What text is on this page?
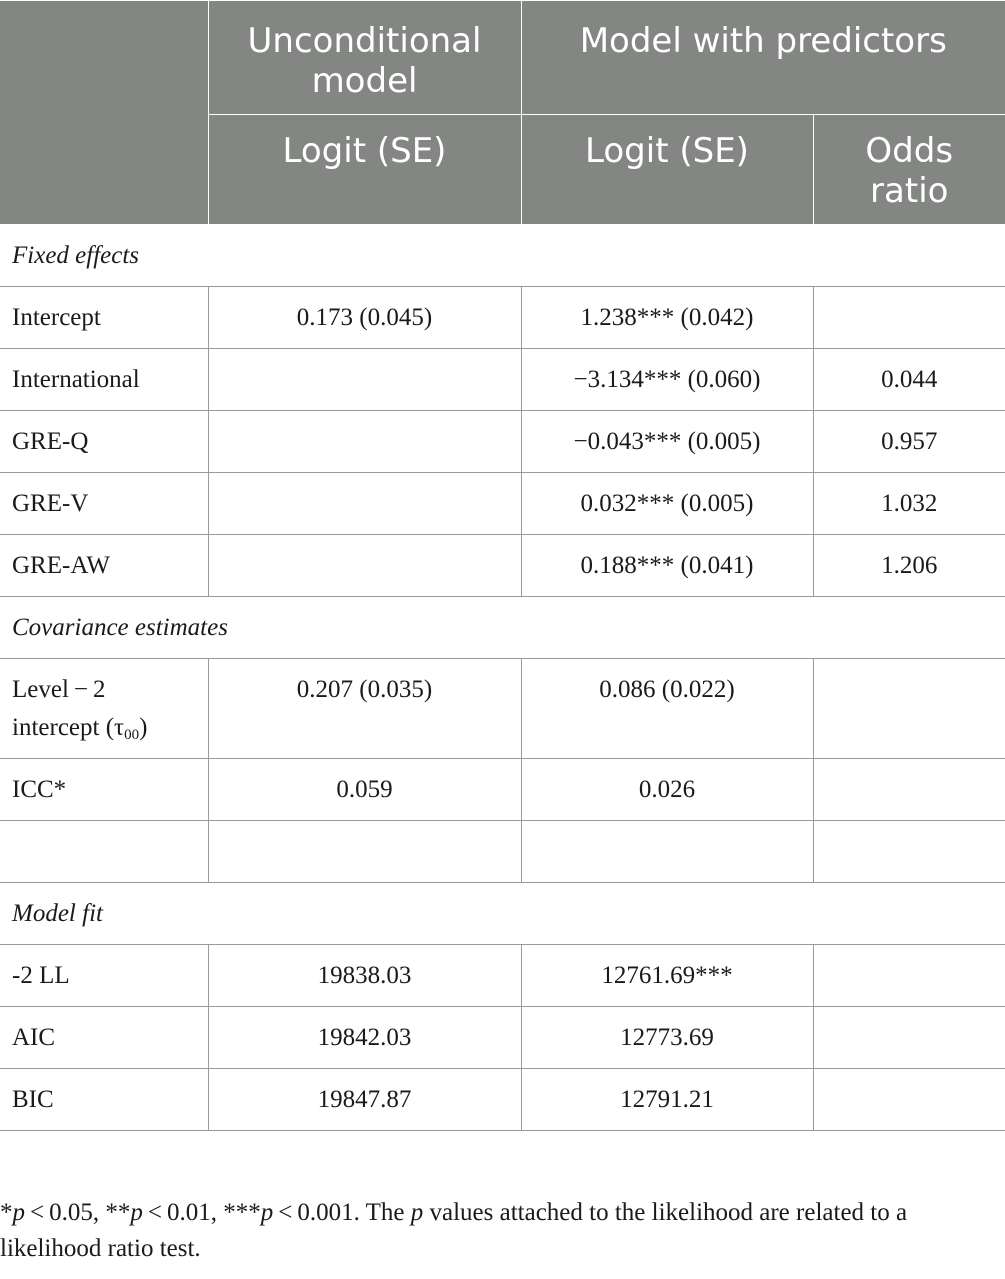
	Unconditional model	Model with predictors	
	Logit (SE)	Logit (SE)	Odds ratio
Fixed effects			
Intercept	0.173 (0.045)	1.238*** (0.042)	
International		−3.134*** (0.060)	0.044
GRE-Q		−0.043*** (0.005)	0.957
GRE-V		0.032*** (0.005)	1.032
GRE-AW		0.188*** (0.041)	1.206
Covariance estimates			
Level − 2
intercept $(\tau_{00})$	0.207 (0.035)	0.086 (0.022)	
ICC*	0.059	0.026	

Model fit			
-2 LL	19838.03	12761.69***	
AIC	19842.03	12773.69	
BIC	19847.87	12791.21	
*p < 0.05, **p < 0.01, ***p < 0.001. The p values attached to the likelihood are related to a likelihood ratio test.
